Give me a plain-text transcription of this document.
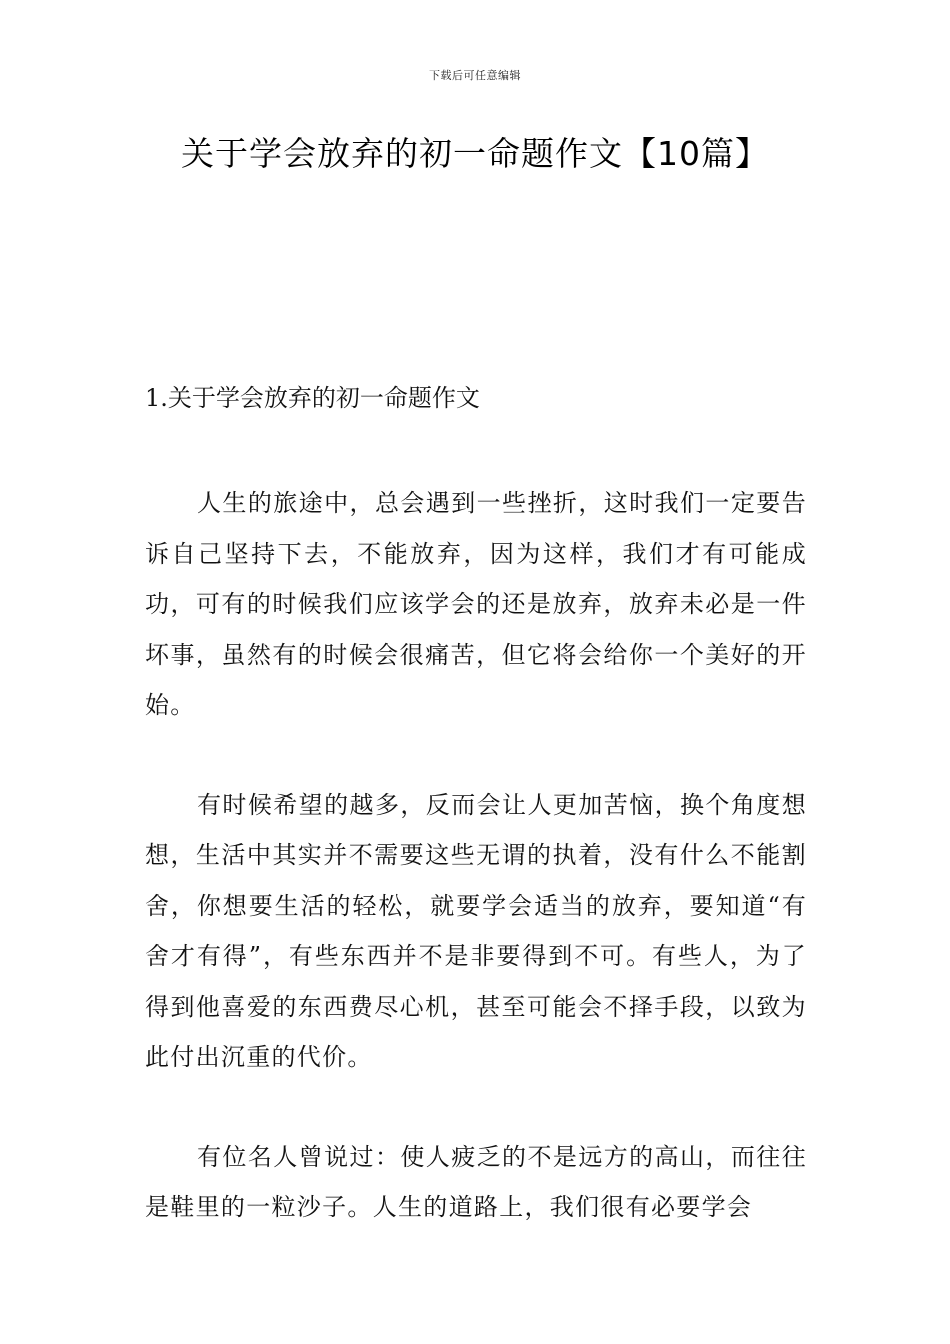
下载后可任意编辑
关于学会放弃的初一命题作文【10篇】

1.关于学会放弃的初一命题作文

人生的旅途中，总会遇到一些挫折，这时我们一定要告诉自己坚持下去，不能放弃，因为这样，我们才有可能成功，可有的时候我们应该学会的还是放弃，放弃未必是一件坏事，虽然有的时候会很痛苦，但它将会给你一个美好的开始。

有时候希望的越多，反而会让人更加苦恼，换个角度想想，生活中其实并不需要这些无谓的执着，没有什么不能割舍，你想要生活的轻松，就要学会适当的放弃，要知道“有舍才有得”，有些东西并不是非要得到不可。有些人，为了得到他喜爱的东西费尽心机，甚至可能会不择手段，以致为此付出沉重的代价。

有位名人曾说过：使人疲乏的不是远方的高山，而往往是鞋里的一粒沙子。人生的道路上，我们很有必要学会
